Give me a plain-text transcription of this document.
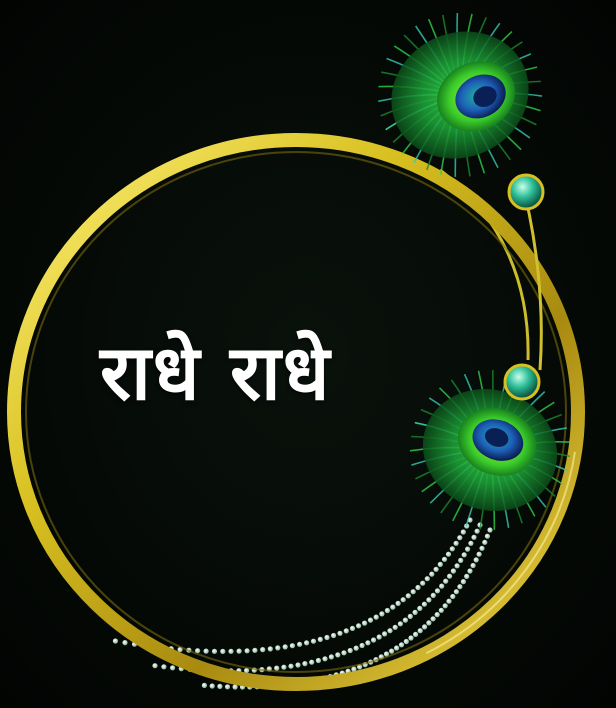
राधे राधे
